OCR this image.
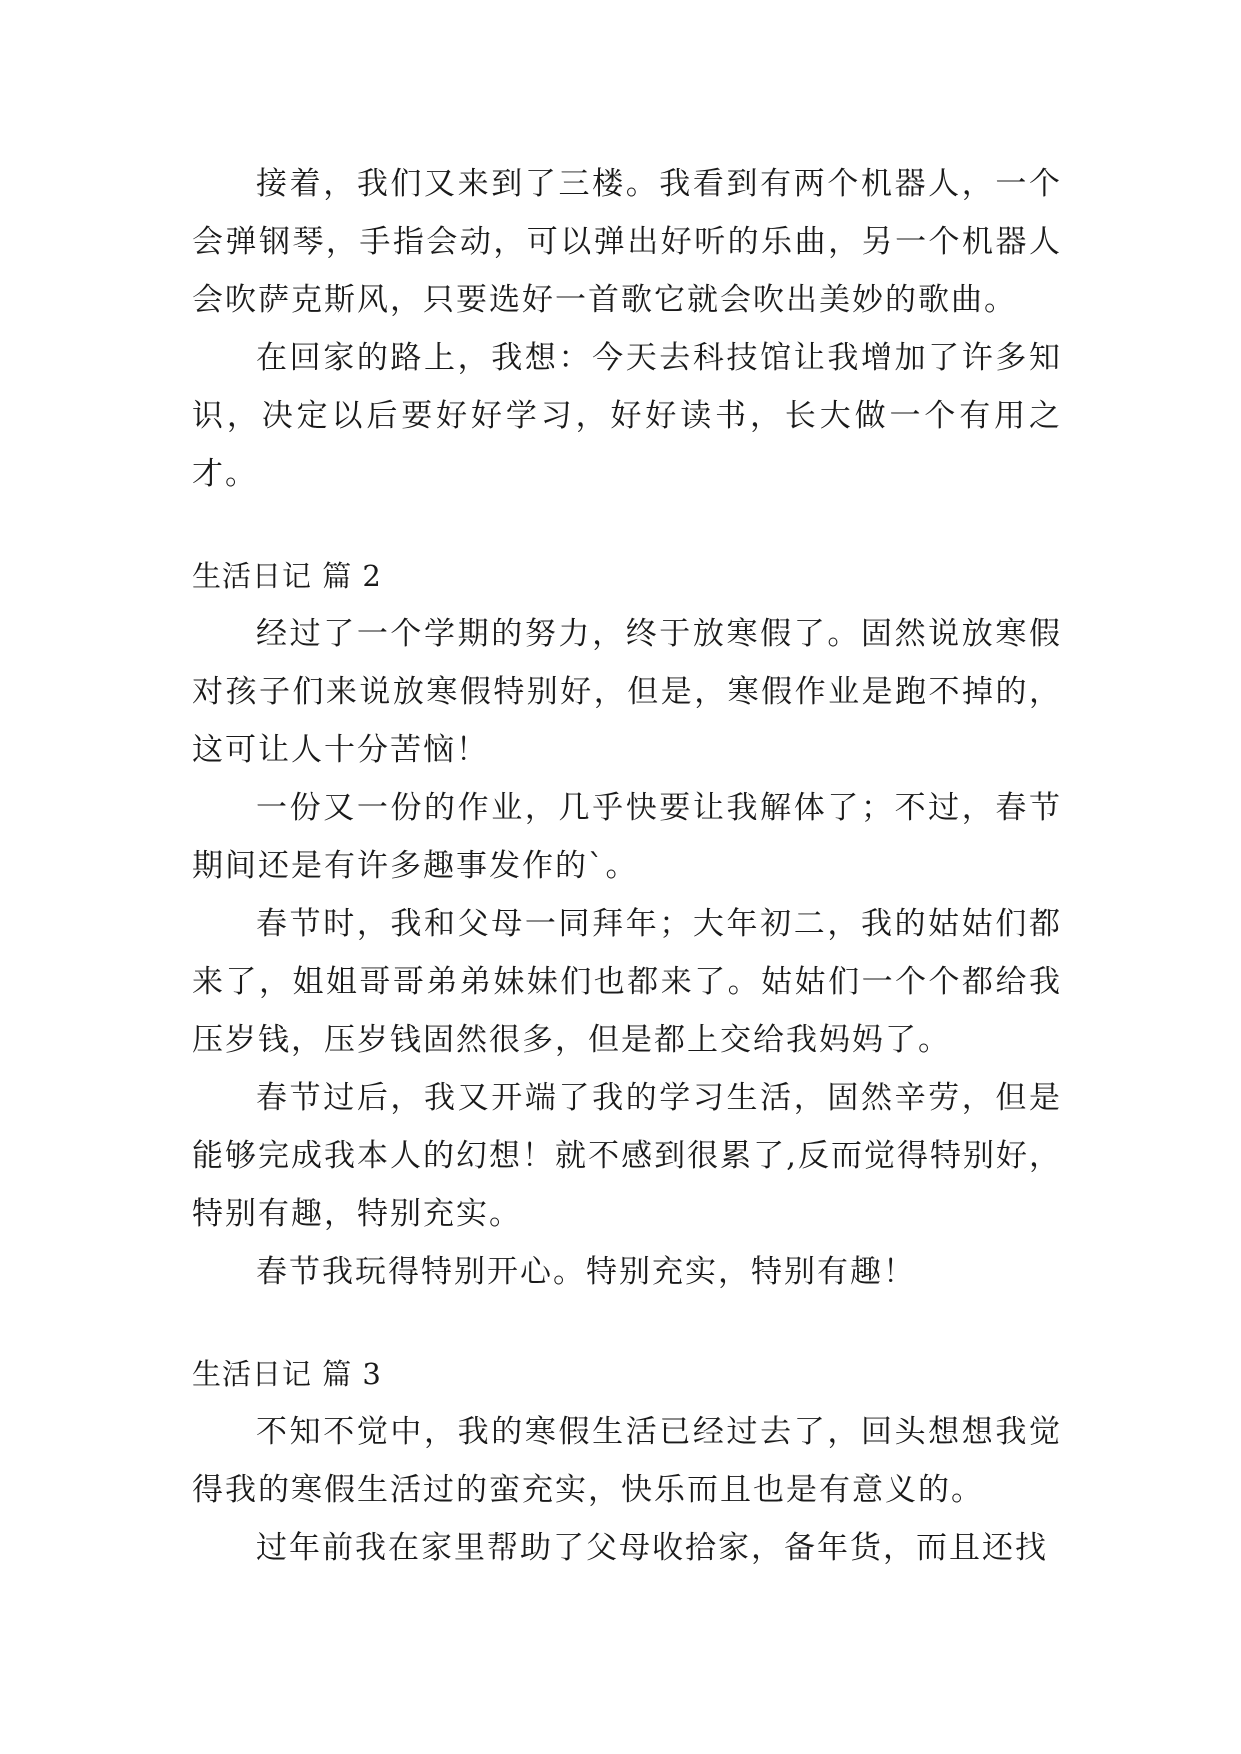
接着，我们又来到了三楼。我看到有两个机器人，一个会弹钢琴，手指会动，可以弹出好听的乐曲，另一个机器人会吹萨克斯风，只要选好一首歌它就会吹出美妙的歌曲。

在回家的路上，我想：今天去科技馆让我增加了许多知识，决定以后要好好学习，好好读书，长大做一个有用之才。

生活日记 篇 2

经过了一个学期的努力，终于放寒假了。固然说放寒假对孩子们来说放寒假特别好，但是，寒假作业是跑不掉的，这可让人十分苦恼！

一份又一份的作业，几乎快要让我解体了；不过，春节期间还是有许多趣事发作的`。

春节时，我和父母一同拜年；大年初二，我的姑姑们都来了，姐姐哥哥弟弟妹妹们也都来了。姑姑们一个个都给我压岁钱，压岁钱固然很多，但是都上交给我妈妈了。

春节过后，我又开端了我的学习生活，固然辛劳，但是能够完成我本人的幻想！就不感到很累了,反而觉得特别好，特别有趣，特别充实。

春节我玩得特别开心。特别充实，特别有趣！

生活日记 篇 3

不知不觉中，我的寒假生活已经过去了，回头想想我觉得我的寒假生活过的蛮充实，快乐而且也是有意义的。

过年前我在家里帮助了父母收拾家，备年货，而且还找
